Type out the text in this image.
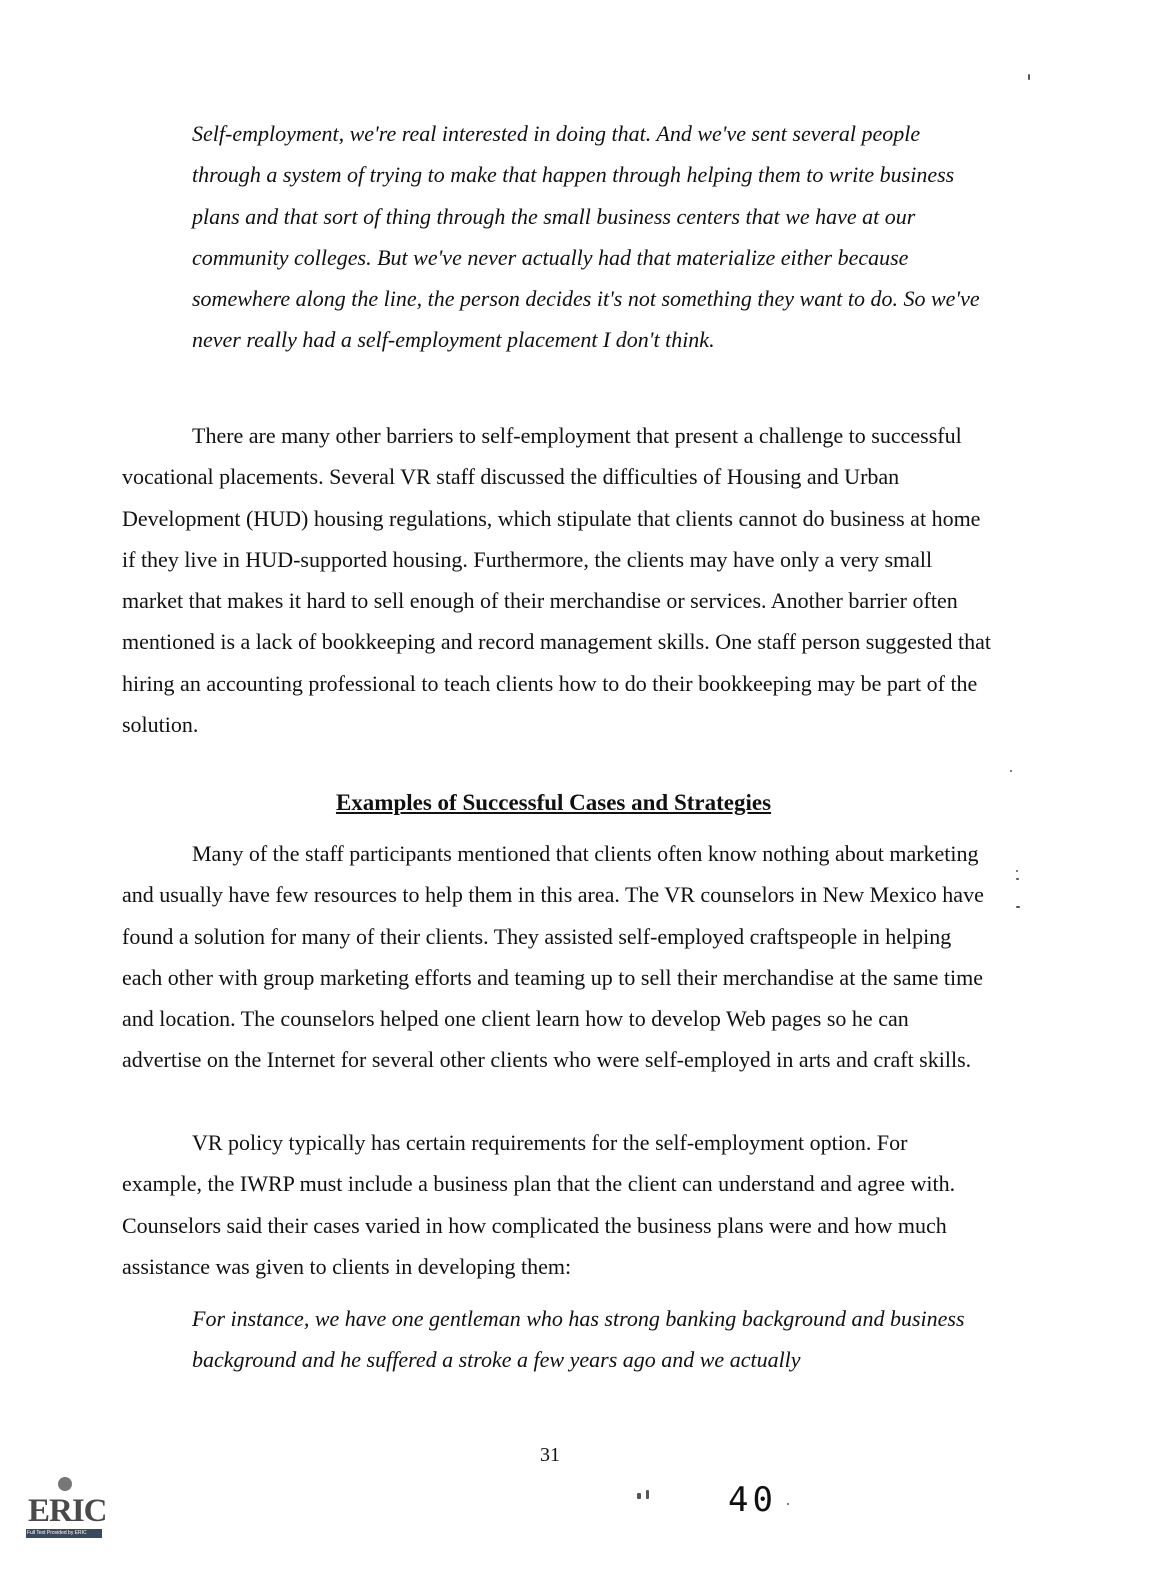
Self-employment, we're real interested in doing that. And we've sent several people through a system of trying to make that happen through helping them to write business plans and that sort of thing through the small business centers that we have at our community colleges. But we've never actually had that materialize either because somewhere along the line, the person decides it's not something they want to do. So we've never really had a self-employment placement I don't think.

There are many other barriers to self-employment that present a challenge to successful vocational placements. Several VR staff discussed the difficulties of Housing and Urban Development (HUD) housing regulations, which stipulate that clients cannot do business at home if they live in HUD-supported housing. Furthermore, the clients may have only a very small market that makes it hard to sell enough of their merchandise or services. Another barrier often mentioned is a lack of bookkeeping and record management skills. One staff person suggested that hiring an accounting professional to teach clients how to do their bookkeeping may be part of the solution.

Examples of Successful Cases and Strategies

Many of the staff participants mentioned that clients often know nothing about marketing and usually have few resources to help them in this area. The VR counselors in New Mexico have found a solution for many of their clients. They assisted self-employed craftspeople in helping each other with group marketing efforts and teaming up to sell their merchandise at the same time and location. The counselors helped one client learn how to develop Web pages so he can advertise on the Internet for several other clients who were self-employed in arts and craft skills.

VR policy typically has certain requirements for the self-employment option. For example, the IWRP must include a business plan that the client can understand and agree with. Counselors said their cases varied in how complicated the business plans were and how much assistance was given to clients in developing them:

For instance, we have one gentleman who has strong banking background and business background and he suffered a stroke a few years ago and we actually

31
40
ERIC
Full Text Provided by ERIC
